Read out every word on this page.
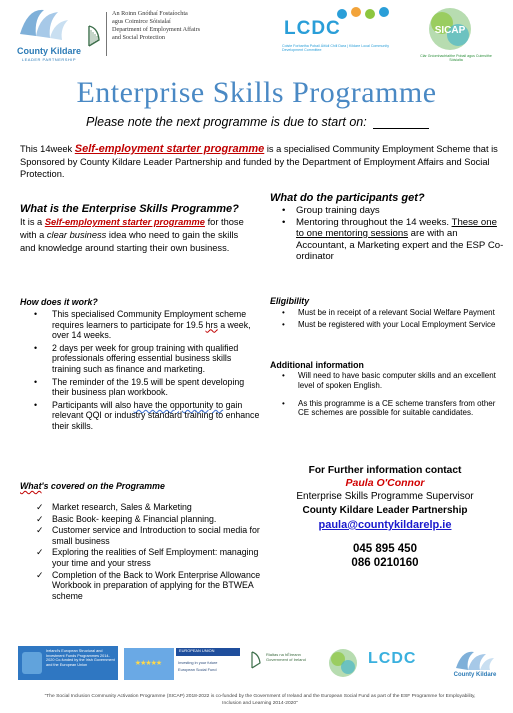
County Kildare
LEADER PARTNERSHIP
An Roinn Gnóthaí Fostaíochta
agus Coimirce Sóisialaí
Department of Employment Affairs
and Social Protection	LCDC
Coiste Forbartha Pobail Áitiúil Chill Dara | Kildare Local Community Development Committee
SICAP
Clár Gníomhachtaithe Pobail agus Cuimsithe Sóisialta
Enterprise Skills Programme
Please note the next programme is due to start on:
This 14week Self-employment starter programme is a specialised Community Employment Scheme that is Sponsored by County Kildare Leader Partnership and funded by the Department of Employment Affairs and Social Protection.
What is the Enterprise Skills Programme?
It is a Self-employment starter programme for those with a clear business idea who need to gain the skills and knowledge around starting their own business.
What do the participants get?
• Group training days
• Mentoring throughout the 14 weeks. These one to one mentoring sessions are with an Accountant, a Marketing expert and the ESP Co-ordinator
How does it work?
• This specialised Community Employment scheme requires learners to participate for 19.5 hrs a week, over 14 weeks.
• 2 days per week for group training with qualified professionals offering essential business skills training such as finance and marketing.
• The reminder of the 19.5 will be spent developing their business plan workbook.
• Participants will also have the opportunity to gain relevant QQI or industry standard training to enhance their skills.
Eligibility
• Must be in receipt of a relevant Social Welfare Payment
• Must be registered with your Local Employment Service
Additional information
• Will need to have basic computer skills and an excellent level of spoken English.
• As this programme is a CE scheme transfers from other CE schemes are possible for suitable candidates.
What's covered on the Programme
✓ Market research, Sales & Marketing
✓ Basic Book- keeping & Financial planning.
✓ Customer service and Introduction to social media for small business
✓ Exploring the realities of Self Employment: managing your time and your stress
✓ Completion of the Back to Work Enterprise Allowance Workbook in preparation of applying for the BTWEA scheme
For Further information contact
Paula O'Connor
Enterprise Skills Programme Supervisor
County Kildare Leader Partnership
paula@countykildarelp.ie
045 895 450
086 0210160
Ireland's European Structural and Investment Funds Programmes 2014-2020 Co-funded by the Irish Government and the European Union	★★★★★
EUROPEAN UNION
Investing in your future
European Social Fund
Rialtas na hÉireann Government of Ireland	LCDC
County Kildare
"The Social Inclusion Community Activation Programme (SICAP) 2018-2022 is co-funded by the Government of Ireland and the European Social Fund as part of the ESF Programme for Employability, Inclusion and Learning 2014-2020"
